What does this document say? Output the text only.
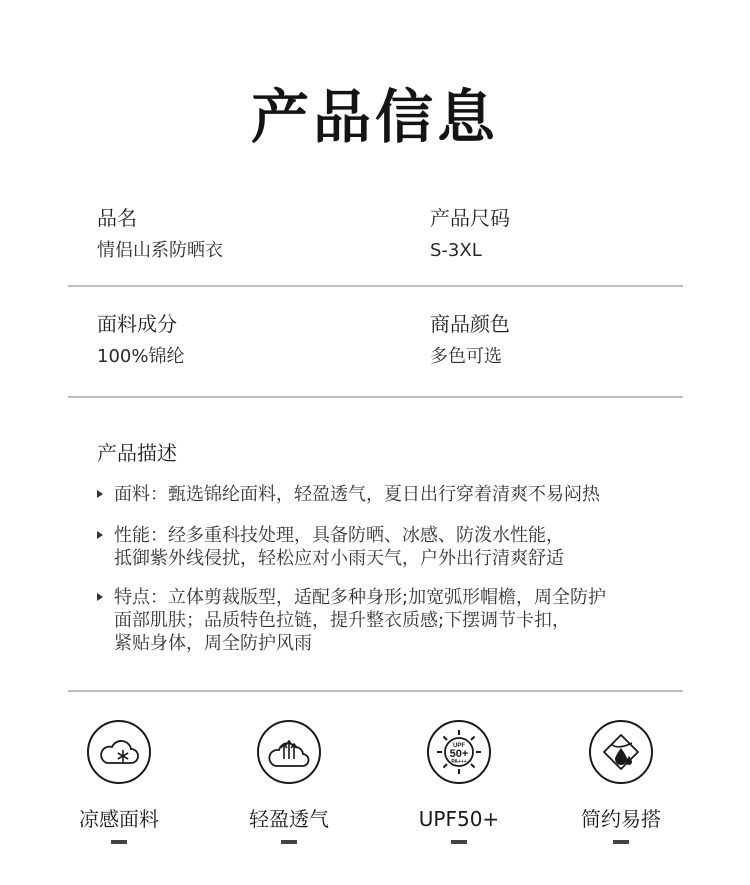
产品信息
品名
情侣山系防晒衣
产品尺码
S-3XL
面料成分
100%锦纶
商品颜色
多色可选
产品描述
面料：甄选锦纶面料，轻盈透气，夏日出行穿着清爽不易闷热
性能：经多重科技处理，具备防晒、冰感、防泼水性能，
抵御紫外线侵扰，轻松应对小雨天气，户外出行清爽舒适
特点：立体剪裁版型，适配多种身形;加宽弧形帽檐，周全防护
面部肌肤；品质特色拉链，提升整衣质感;下摆调节卡扣，
紧贴身体，周全防护风雨
凉感面料	轻盈透气
UPF
50+
PA+++
UPF50+	简约易搭
